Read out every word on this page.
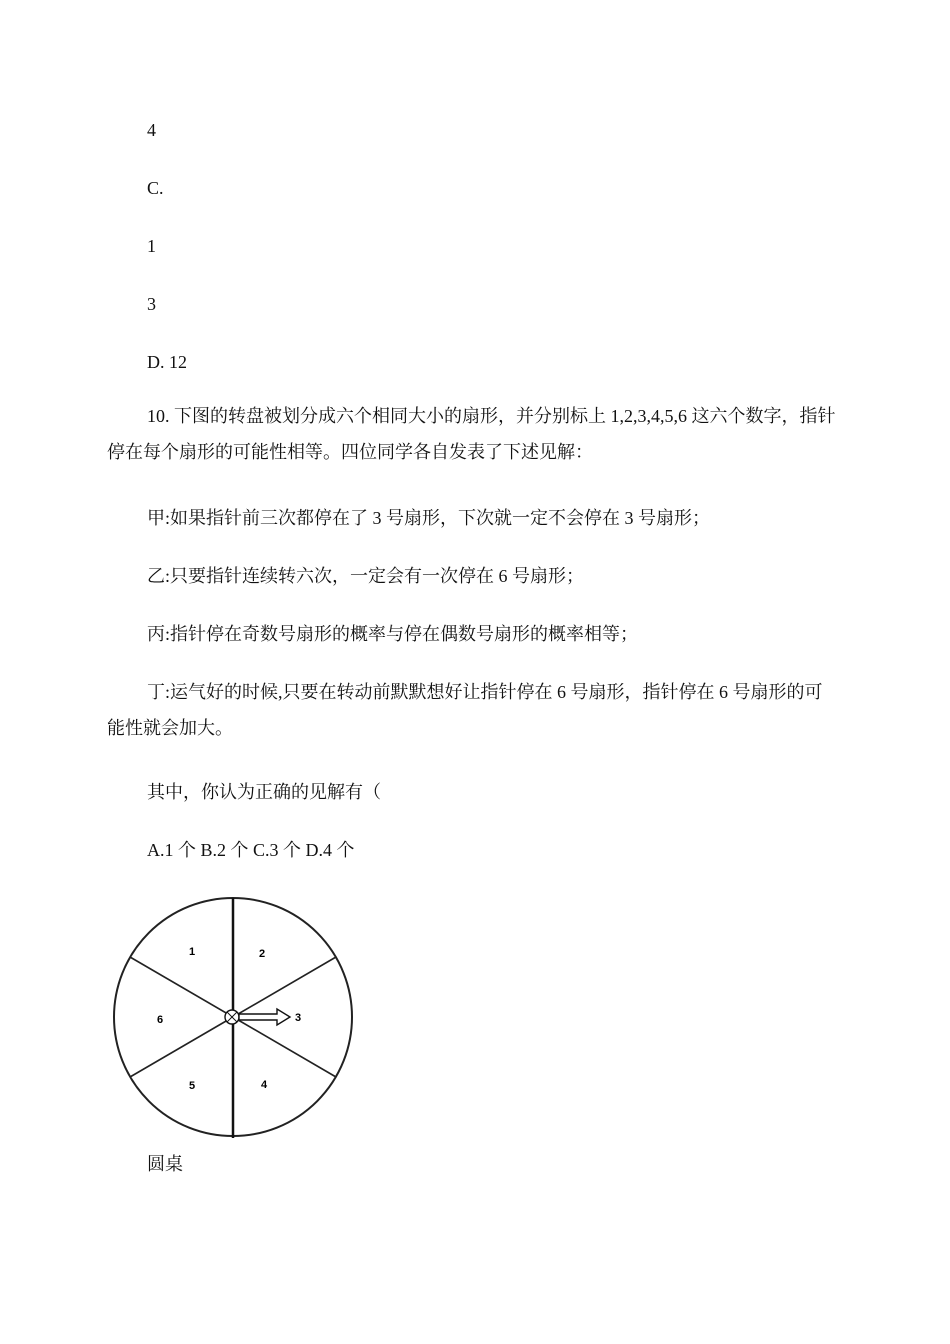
4
C.
1
3
D. 12
10. 下图的转盘被划分成六个相同大小的扇形，并分别标上 1,2,3,4,5,6 这六个数字，指针停在每个扇形的可能性相等。四位同学各自发表了下述见解：
甲:如果指针前三次都停在了 3 号扇形，下次就一定不会停在 3 号扇形；
乙:只要指针连续转六次，一定会有一次停在 6 号扇形；
丙:指针停在奇数号扇形的概率与停在偶数号扇形的概率相等；
丁:运气好的时候,只要在转动前默默想好让指针停在 6 号扇形，指针停在 6 号扇形的可能性就会加大。
其中，你认为正确的见解有（
A.1 个 B.2 个 C.3 个 D.4 个
1	2
3
4
5
6
圆桌
